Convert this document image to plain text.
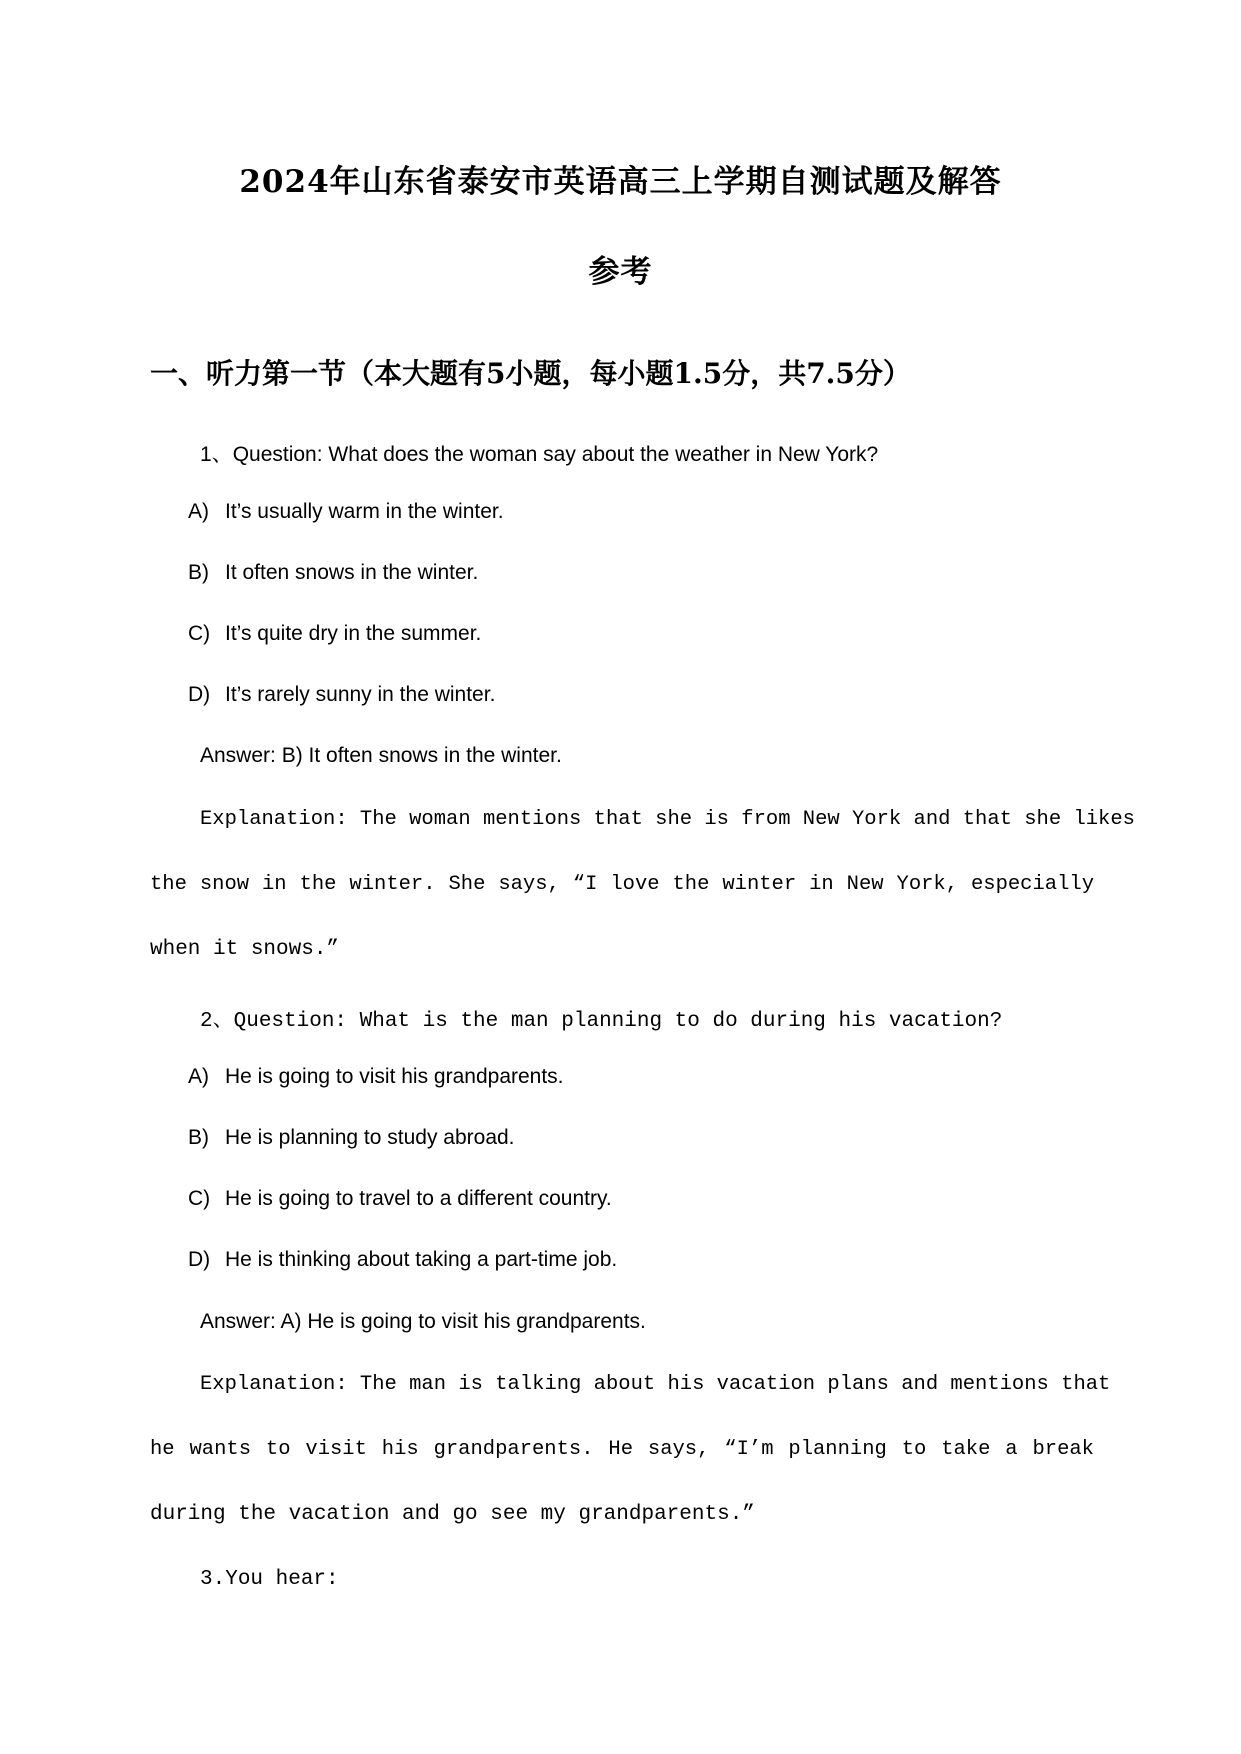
2024年山东省泰安市英语高三上学期自测试题及解答
参考
一、听力第一节（本大题有5小题，每小题1.5分，共7.5分）
1、Question: What does the woman say about the weather in New York?
A) It’s usually warm in the winter.
B) It often snows in the winter.
C) It’s quite dry in the summer.
D) It’s rarely sunny in the winter.
Answer: B) It often snows in the winter.
Explanation: The woman mentions that she is from New York and that she likes
the snow in the winter. She says, “I love the winter in New York, especially
when it snows.”
2、Question: What is the man planning to do during his vacation?
A) He is going to visit his grandparents.
B) He is planning to study abroad.
C) He is going to travel to a different country.
D) He is thinking about taking a part-time job.
Answer: A) He is going to visit his grandparents.
Explanation: The man is talking about his vacation plans and mentions that
he wants to visit his grandparents. He says, “I’m planning to take a break
during the vacation and go see my grandparents.”
3.You hear:
